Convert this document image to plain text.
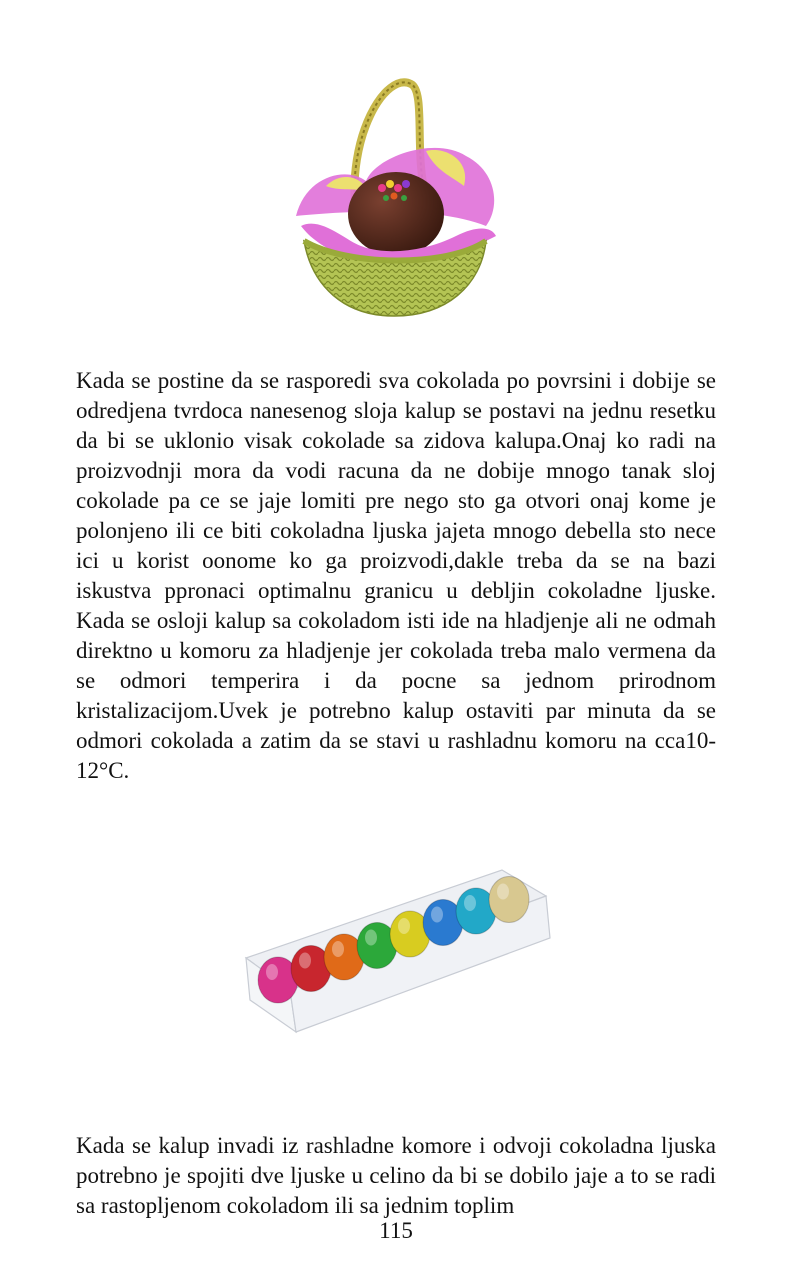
Kada se postine da se rasporedi sva cokolada po povrsini i dobije se odredjena tvrdoca nanesenog sloja kalup se postavi na jednu resetku da bi se uklonio visak cokolade sa zidova kalupa.Onaj ko radi na proizvodnji mora da vodi racuna da ne dobije mnogo tanak sloj cokolade pa ce se jaje lomiti pre nego sto ga otvori onaj kome je polonjeno ili ce biti cokoladna ljuska jajeta mnogo debella sto nece ici u korist oonome ko ga proizvodi,dakle treba da se na bazi iskustva ppronaci optimalnu granicu u debljin cokoladne ljuske. Kada se osloji kalup sa cokoladom isti ide na hladjenje ali ne odmah direktno u komoru za hladjenje jer cokolada treba malo vermena da se odmori temperira i da pocne sa jednom prirodnom kristalizacijom.Uvek je potrebno kalup ostaviti par minuta da se odmori cokolada a zatim da se stavi u rashladnu komoru na cca10-12°C.

Kada se kalup invadi iz rashladne komore i odvoji cokoladna ljuska potrebno je spojiti dve ljuske u celino da bi se dobilo jaje a to se radi sa rastopljenom cokoladom ili sa jednim toplim

115
